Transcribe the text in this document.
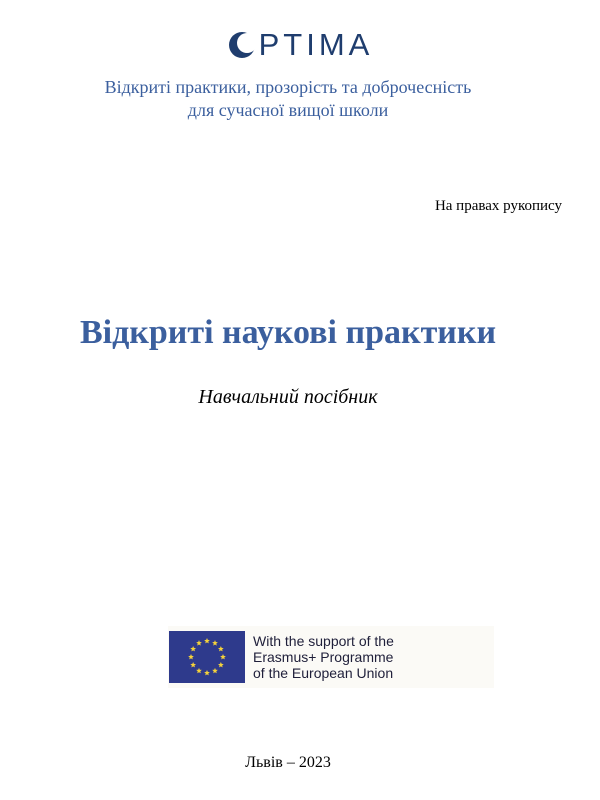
PTIMA
Відкриті практики, прозорість та доброчесність
для сучасної вищої школи
На правах рукопису
Відкриті наукові практики
Навчальний посібник
With the support of the
Erasmus+ Programme
of the European Union
Львів – 2023
